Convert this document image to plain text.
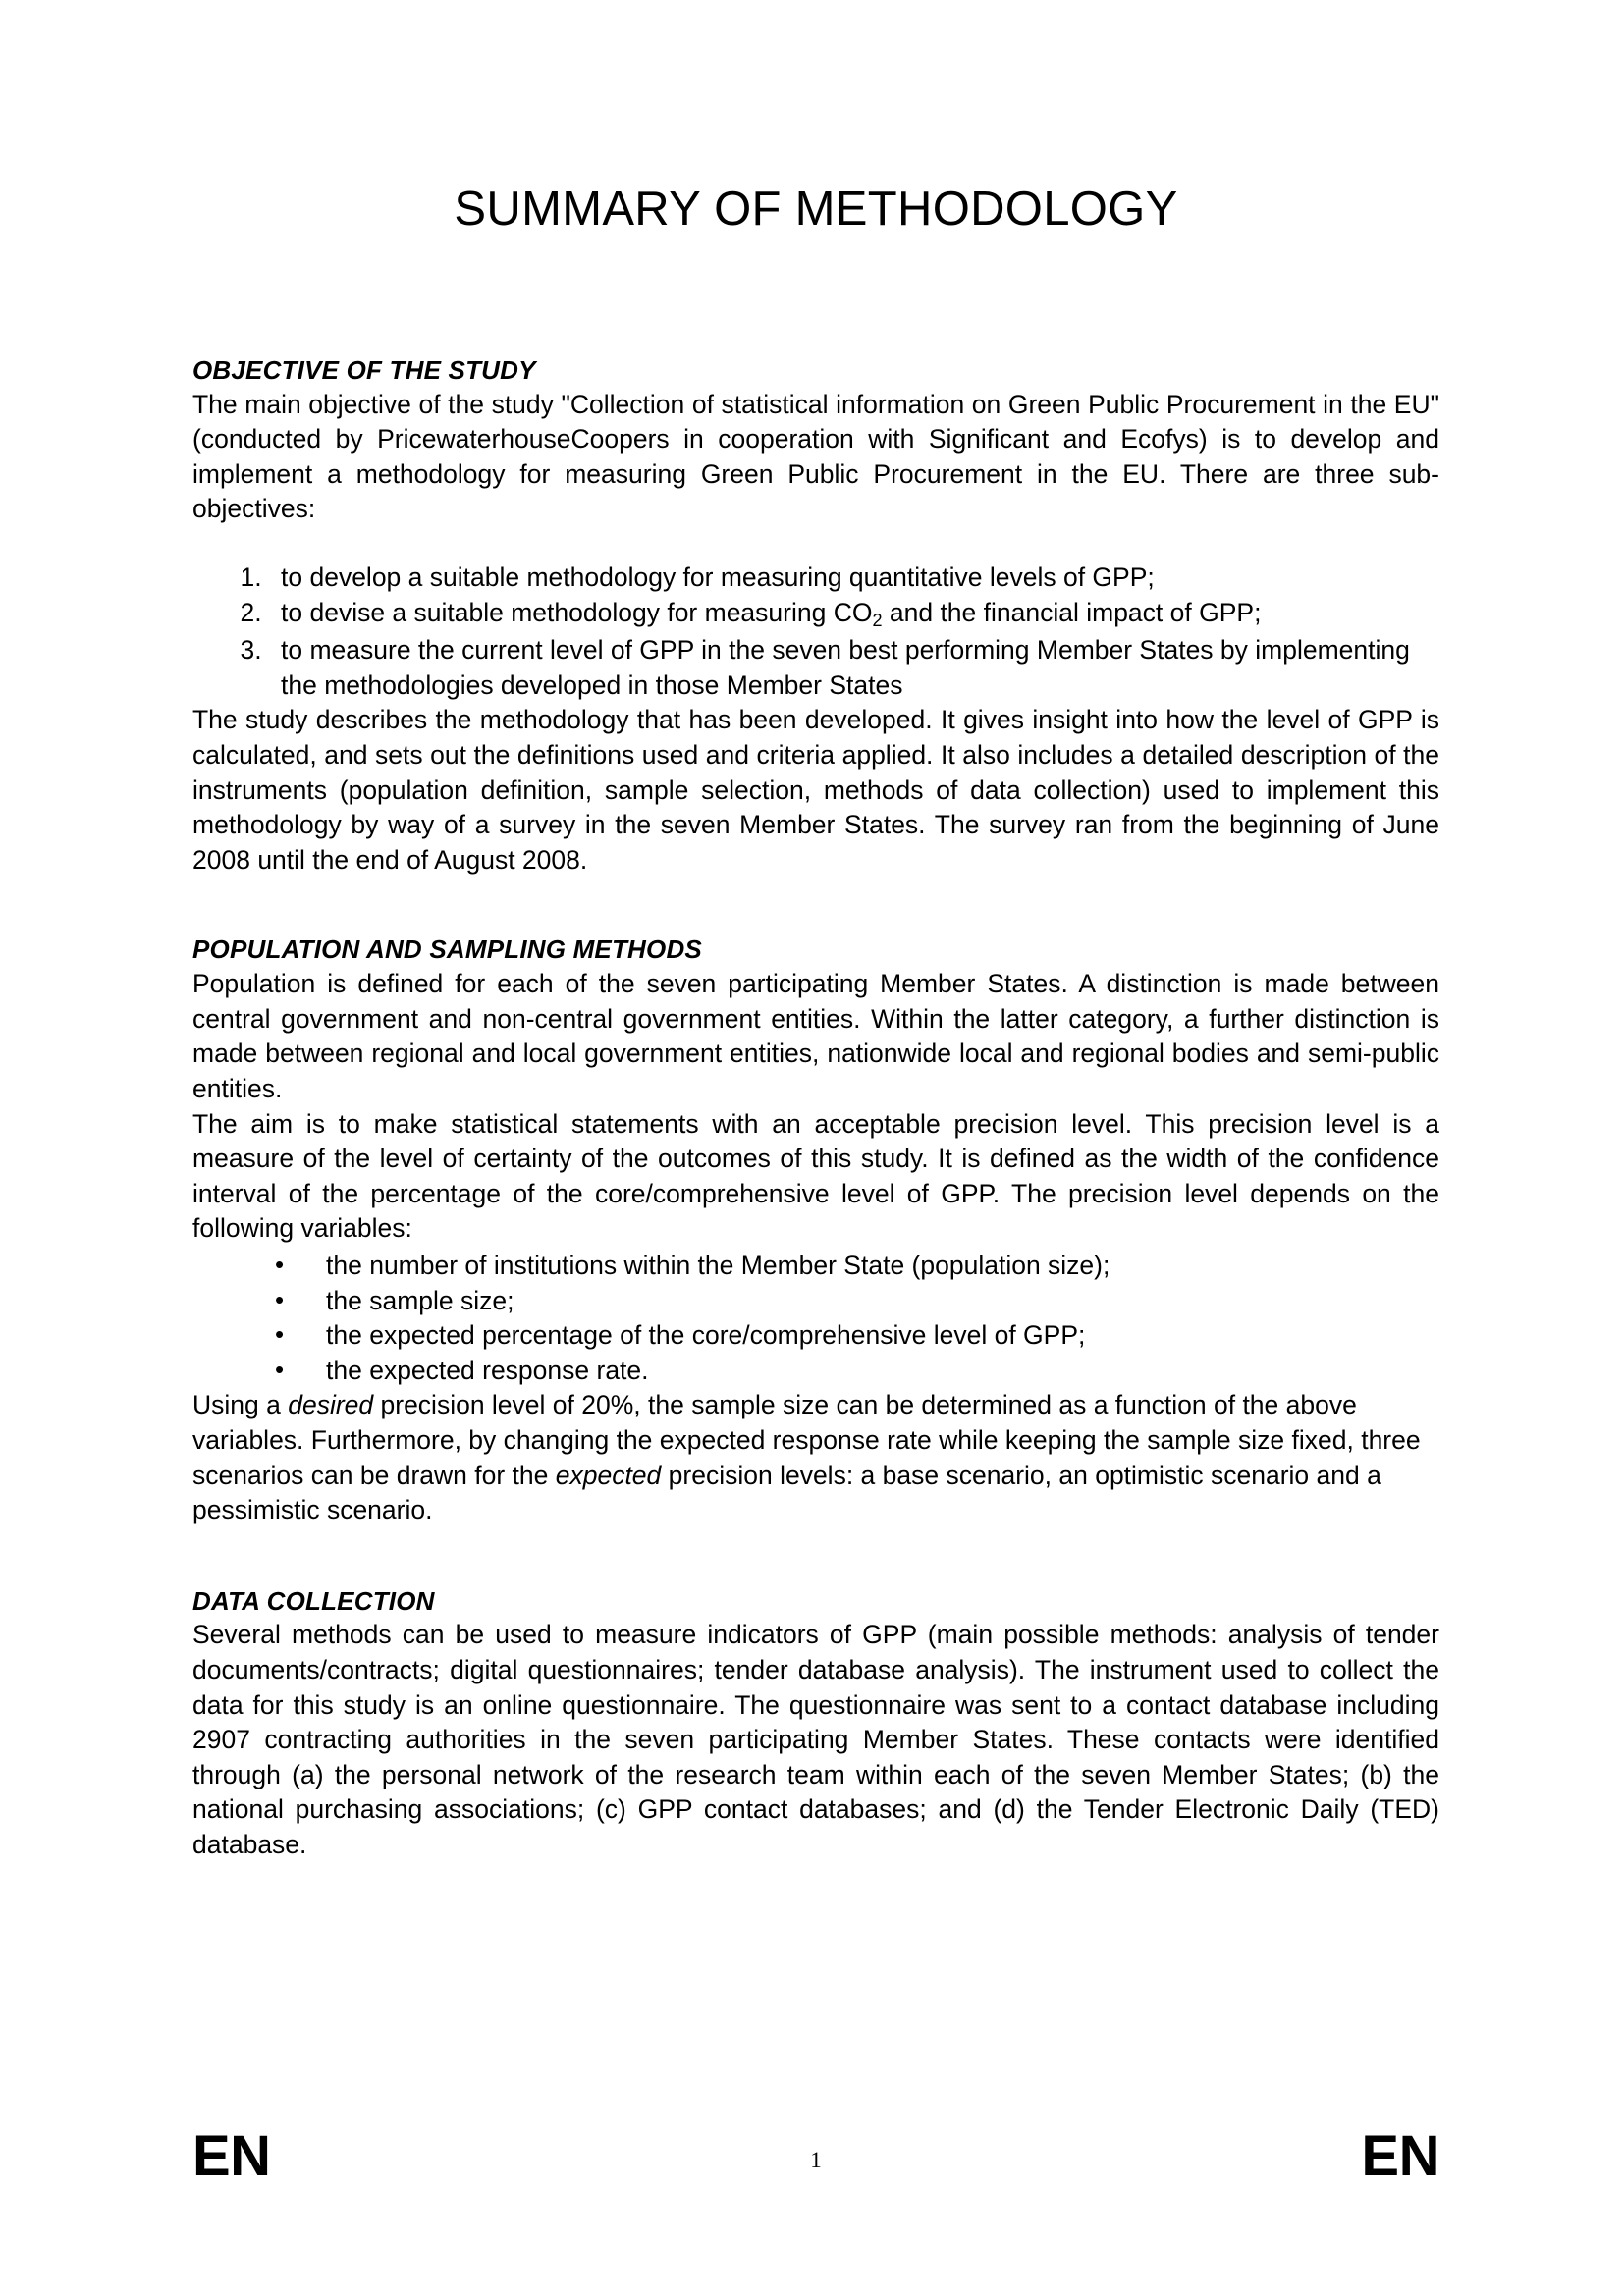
SUMMARY OF METHODOLOGY
OBJECTIVE OF THE STUDY

The main objective of the study "Collection of statistical information on Green Public Procurement in the EU" (conducted by PricewaterhouseCoopers in cooperation with Significant and Ecofys) is to develop and implement a methodology for measuring Green Public Procurement in the EU. There are three sub-objectives:

1. to develop a suitable methodology for measuring quantitative levels of GPP;
2. to devise a suitable methodology for measuring $CO_2$ and the financial impact of GPP;
3. to measure the current level of GPP in the seven best performing Member States by implementing the methodologies developed in those Member States

The study describes the methodology that has been developed. It gives insight into how the level of GPP is calculated, and sets out the definitions used and criteria applied. It also includes a detailed description of the instruments (population definition, sample selection, methods of data collection) used to implement this methodology by way of a survey in the seven Member States. The survey ran from the beginning of June 2008 until the end of August 2008.

POPULATION AND SAMPLING METHODS

Population is defined for each of the seven participating Member States. A distinction is made between central government and non-central government entities. Within the latter category, a further distinction is made between regional and local government entities, nationwide local and regional bodies and semi-public entities.

The aim is to make statistical statements with an acceptable precision level. This precision level is a measure of the level of certainty of the outcomes of this study. It is defined as the width of the confidence interval of the percentage of the core/comprehensive level of GPP. The precision level depends on the following variables:

• the number of institutions within the Member State (population size);
• the sample size;
• the expected percentage of the core/comprehensive level of GPP;
• the expected response rate.

Using a desired precision level of 20%, the sample size can be determined as a function of the above variables. Furthermore, by changing the expected response rate while keeping the sample size fixed, three scenarios can be drawn for the expected precision levels: a base scenario, an optimistic scenario and a pessimistic scenario.

DATA COLLECTION

Several methods can be used to measure indicators of GPP (main possible methods: analysis of tender documents/contracts; digital questionnaires; tender database analysis). The instrument used to collect the data for this study is an online questionnaire. The questionnaire was sent to a contact database including 2907 contracting authorities in the seven participating Member States. These contacts were identified through (a) the personal network of the research team within each of the seven Member States; (b) the national purchasing associations; (c) GPP contact databases; and (d) the Tender Electronic Daily (TED) database.

EN	1	EN
